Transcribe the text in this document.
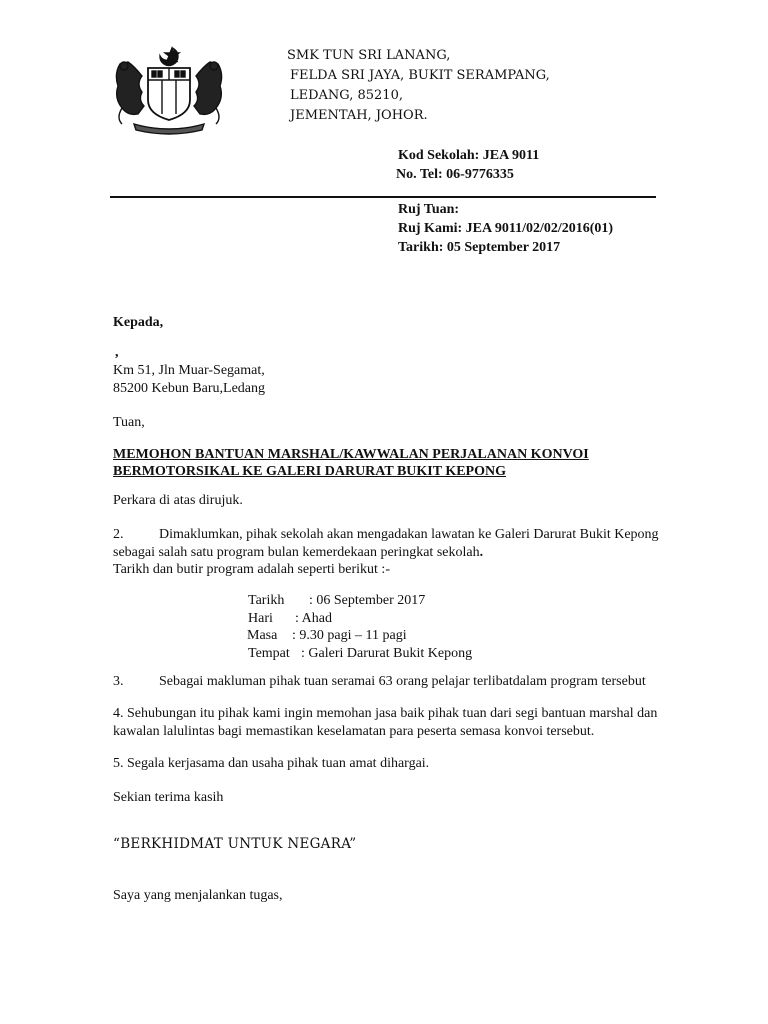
SMK TUN SRI LANANG,
FELDA SRI JAYA, BUKIT SERAMPANG,
LEDANG, 85210,
JEMENTAH, JOHOR.
Kod Sekolah: JEA 9011
No. Tel: 06-9776335
Ruj Tuan:
Ruj Kami: JEA 9011/02/02/2016(01)
Tarikh: 05 September 2017
Kepada,
,
Km 51, Jln Muar-Segamat,
85200 Kebun Baru,Ledang
Tuan,
MEMOHON BANTUAN MARSHAL/KAWWALAN PERJALANAN KONVOI
BERMOTORSIKAL KE GALERI DARURAT BUKIT KEPONG
Perkara di atas dirujuk.
2.	Dimaklumkan, pihak sekolah akan mengadakan lawatan ke Galeri Darurat Bukit Kepong
sebagai salah satu program bulan kemerdekaan peringkat sekolah.
Tarikh dan butir program adalah seperti berikut :-
Tarikh : 06 September 2017
Hari : Ahad
Masa : 9.30 pagi – 11 pagi
Tempat : Galeri Darurat Bukit Kepong
3.	Sebagai makluman pihak tuan seramai 63 orang pelajar terlibatdalam program tersebut
4. Sehubungan itu pihak kami ingin memohan jasa baik pihak tuan dari segi bantuan marshal dan
kawalan lalulintas bagi memastikan keselamatan para peserta semasa konvoi tersebut.
5. Segala kerjasama dan usaha pihak tuan amat dihargai.
Sekian terima kasih
“BERKHIDMAT UNTUK NEGARA”
Saya yang menjalankan tugas,
